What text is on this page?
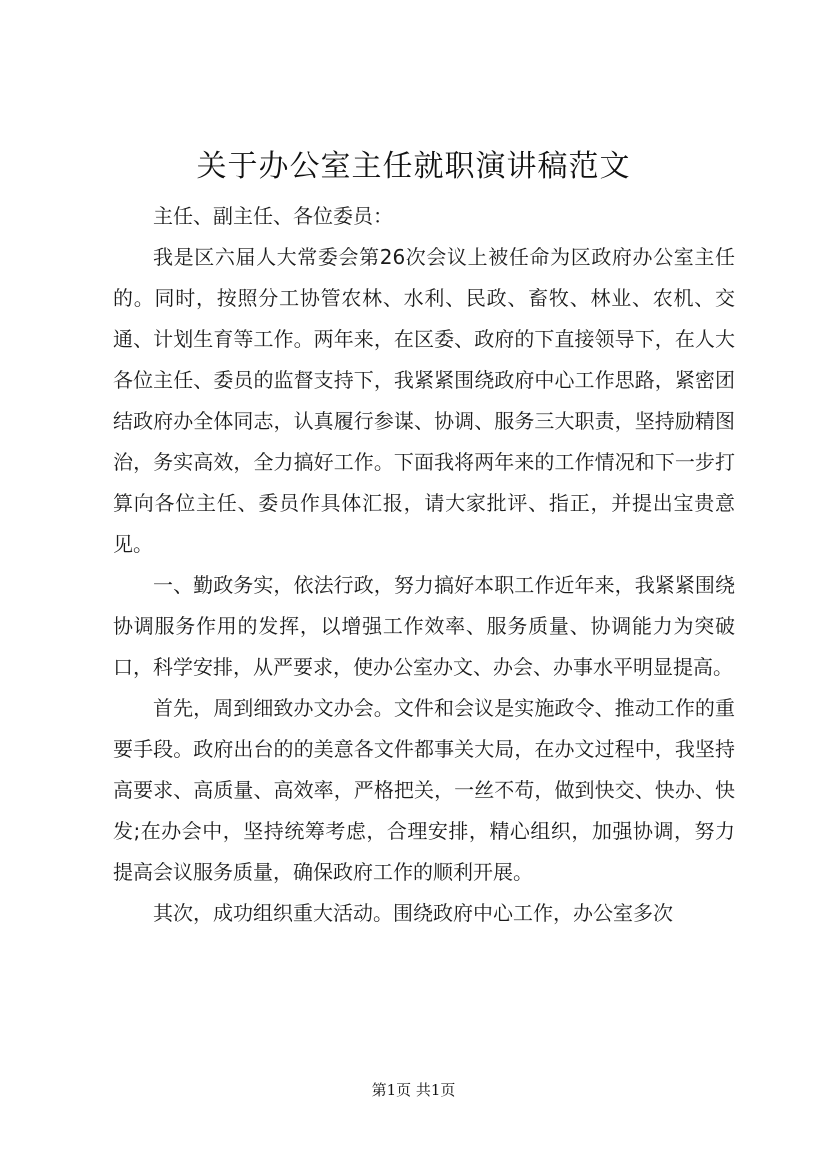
关于办公室主任就职演讲稿范文

主任、副主任、各位委员：

我是区六届人大常委会第26次会议上被任命为区政府办公室主任的。同时，按照分工协管农林、水利、民政、畜牧、林业、农机、交通、计划生育等工作。两年来，在区委、政府的下直接领导下，在人大各位主任、委员的监督支持下，我紧紧围绕政府中心工作思路，紧密团结政府办全体同志，认真履行参谋、协调、服务三大职责，坚持励精图治，务实高效，全力搞好工作。下面我将两年来的工作情况和下一步打算向各位主任、委员作具体汇报，请大家批评、指正，并提出宝贵意见。

一、勤政务实，依法行政，努力搞好本职工作近年来，我紧紧围绕协调服务作用的发挥，以增强工作效率、服务质量、协调能力为突破口，科学安排，从严要求，使办公室办文、办会、办事水平明显提高。

首先，周到细致办文办会。文件和会议是实施政令、推动工作的重要手段。政府出台的的美意各文件都事关大局，在办文过程中，我坚持高要求、高质量、高效率，严格把关，一丝不苟，做到快交、快办、快发;在办会中，坚持统筹考虑，合理安排，精心组织，加强协调，努力提高会议服务质量，确保政府工作的顺利开展。

其次，成功组织重大活动。围绕政府中心工作，办公室多次

第1页 共1页
